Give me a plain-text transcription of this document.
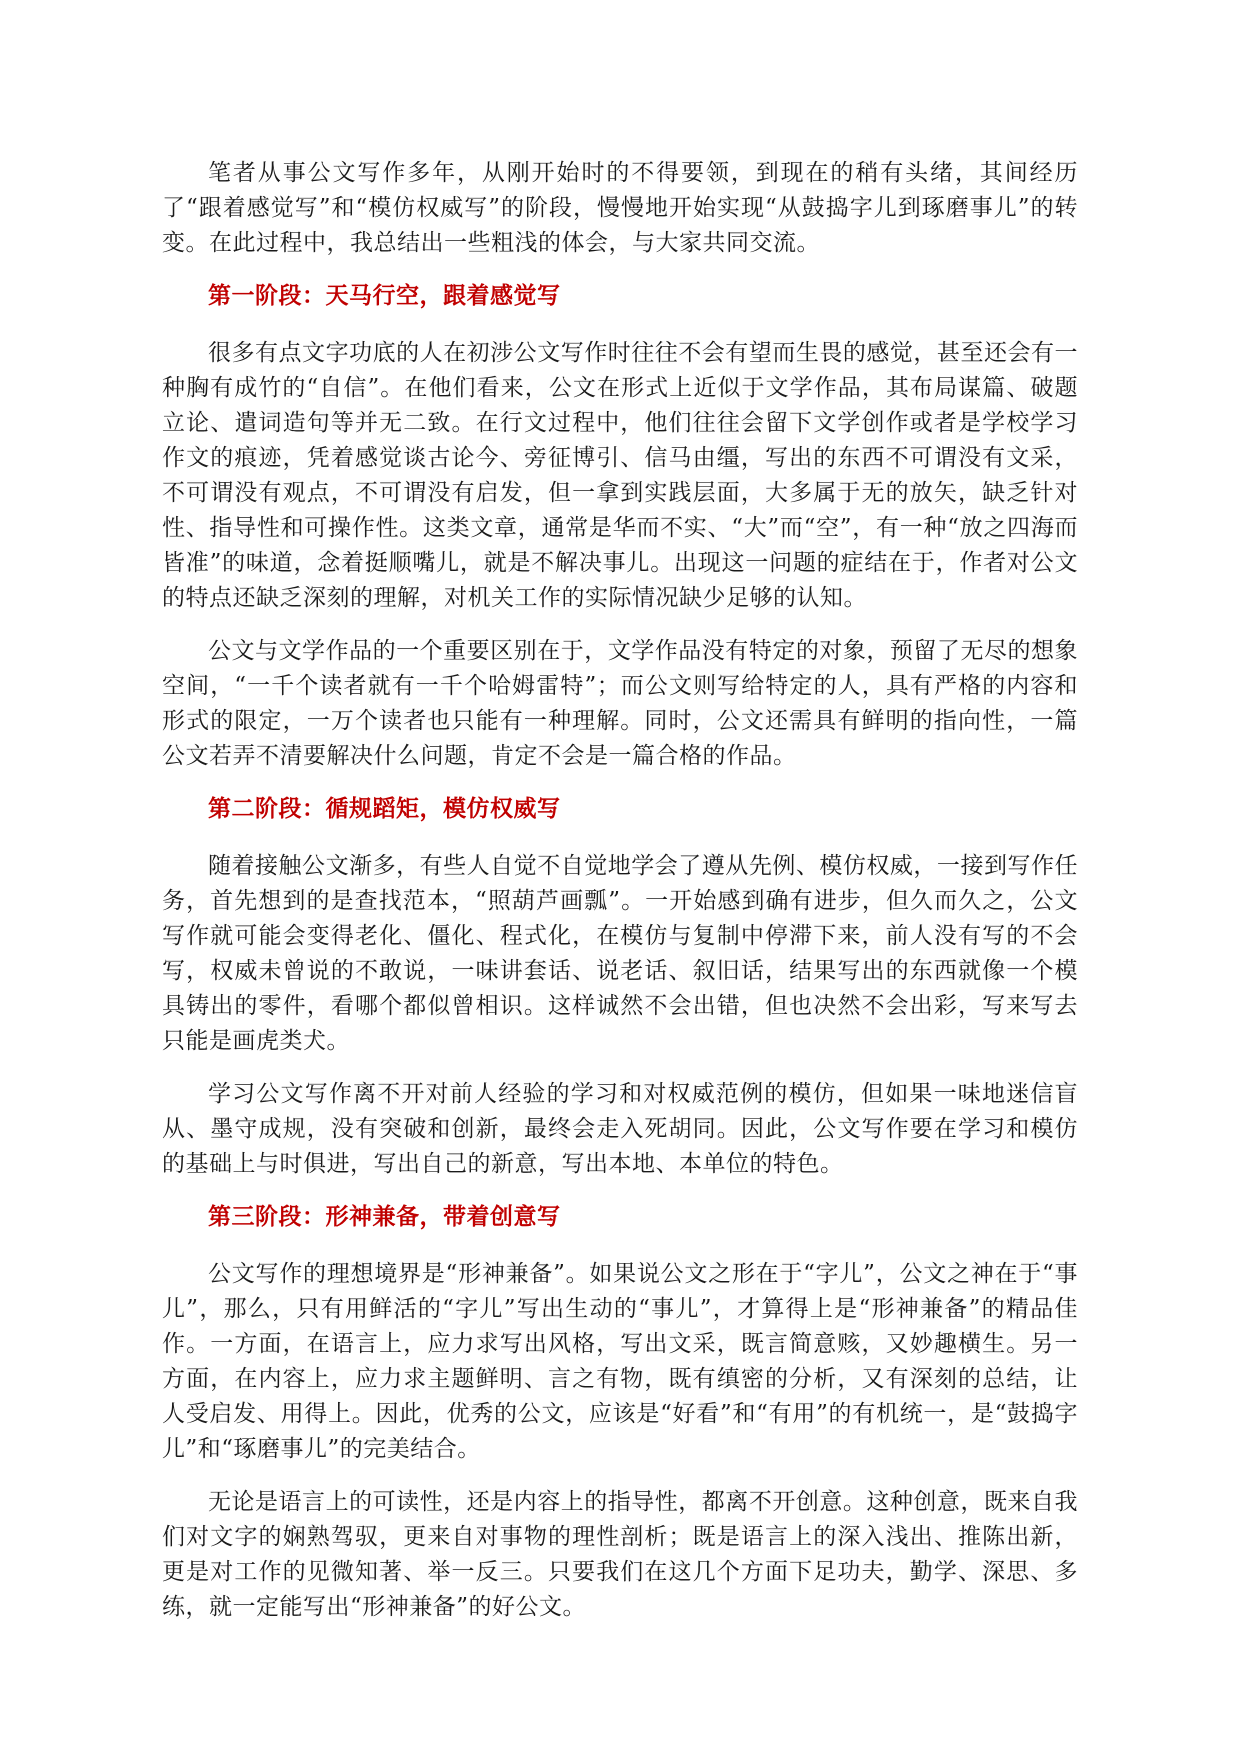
笔者从事公文写作多年，从刚开始时的不得要领，到现在的稍有头绪，其间经历了“跟着感觉写”和“模仿权威写”的阶段，慢慢地开始实现“从鼓捣字儿到琢磨事儿”的转变。在此过程中，我总结出一些粗浅的体会，与大家共同交流。

第一阶段：天马行空，跟着感觉写

很多有点文字功底的人在初涉公文写作时往往不会有望而生畏的感觉，甚至还会有一种胸有成竹的“自信”。在他们看来，公文在形式上近似于文学作品，其布局谋篇、破题立论、遣词造句等并无二致。在行文过程中，他们往往会留下文学创作或者是学校学习作文的痕迹，凭着感觉谈古论今、旁征博引、信马由缰，写出的东西不可谓没有文采，不可谓没有观点，不可谓没有启发，但一拿到实践层面，大多属于无的放矢，缺乏针对性、指导性和可操作性。这类文章，通常是华而不实、“大”而“空”，有一种“放之四海而皆准”的味道，念着挺顺嘴儿，就是不解决事儿。出现这一问题的症结在于，作者对公文的特点还缺乏深刻的理解，对机关工作的实际情况缺少足够的认知。

公文与文学作品的一个重要区别在于，文学作品没有特定的对象，预留了无尽的想象空间，“一千个读者就有一千个哈姆雷特”；而公文则写给特定的人，具有严格的内容和形式的限定，一万个读者也只能有一种理解。同时，公文还需具有鲜明的指向性，一篇公文若弄不清要解决什么问题，肯定不会是一篇合格的作品。

第二阶段：循规蹈矩，模仿权威写

随着接触公文渐多，有些人自觉不自觉地学会了遵从先例、模仿权威，一接到写作任务，首先想到的是查找范本，“照葫芦画瓢”。一开始感到确有进步，但久而久之，公文写作就可能会变得老化、僵化、程式化，在模仿与复制中停滞下来，前人没有写的不会写，权威未曾说的不敢说，一味讲套话、说老话、叙旧话，结果写出的东西就像一个模具铸出的零件，看哪个都似曾相识。这样诚然不会出错，但也决然不会出彩，写来写去只能是画虎类犬。

学习公文写作离不开对前人经验的学习和对权威范例的模仿，但如果一味地迷信盲从、墨守成规，没有突破和创新，最终会走入死胡同。因此，公文写作要在学习和模仿的基础上与时俱进，写出自己的新意，写出本地、本单位的特色。

第三阶段：形神兼备，带着创意写

公文写作的理想境界是“形神兼备”。如果说公文之形在于“字儿”，公文之神在于“事儿”，那么，只有用鲜活的“字儿”写出生动的“事儿”，才算得上是“形神兼备”的精品佳作。一方面，在语言上，应力求写出风格，写出文采，既言简意赅，又妙趣横生。另一方面，在内容上，应力求主题鲜明、言之有物，既有缜密的分析，又有深刻的总结，让人受启发、用得上。因此，优秀的公文，应该是“好看”和“有用”的有机统一，是“鼓捣字儿”和“琢磨事儿”的完美结合。

无论是语言上的可读性，还是内容上的指导性，都离不开创意。这种创意，既来自我们对文字的娴熟驾驭，更来自对事物的理性剖析；既是语言上的深入浅出、推陈出新，更是对工作的见微知著、举一反三。只要我们在这几个方面下足功夫，勤学、深思、多练，就一定能写出“形神兼备”的好公文。
